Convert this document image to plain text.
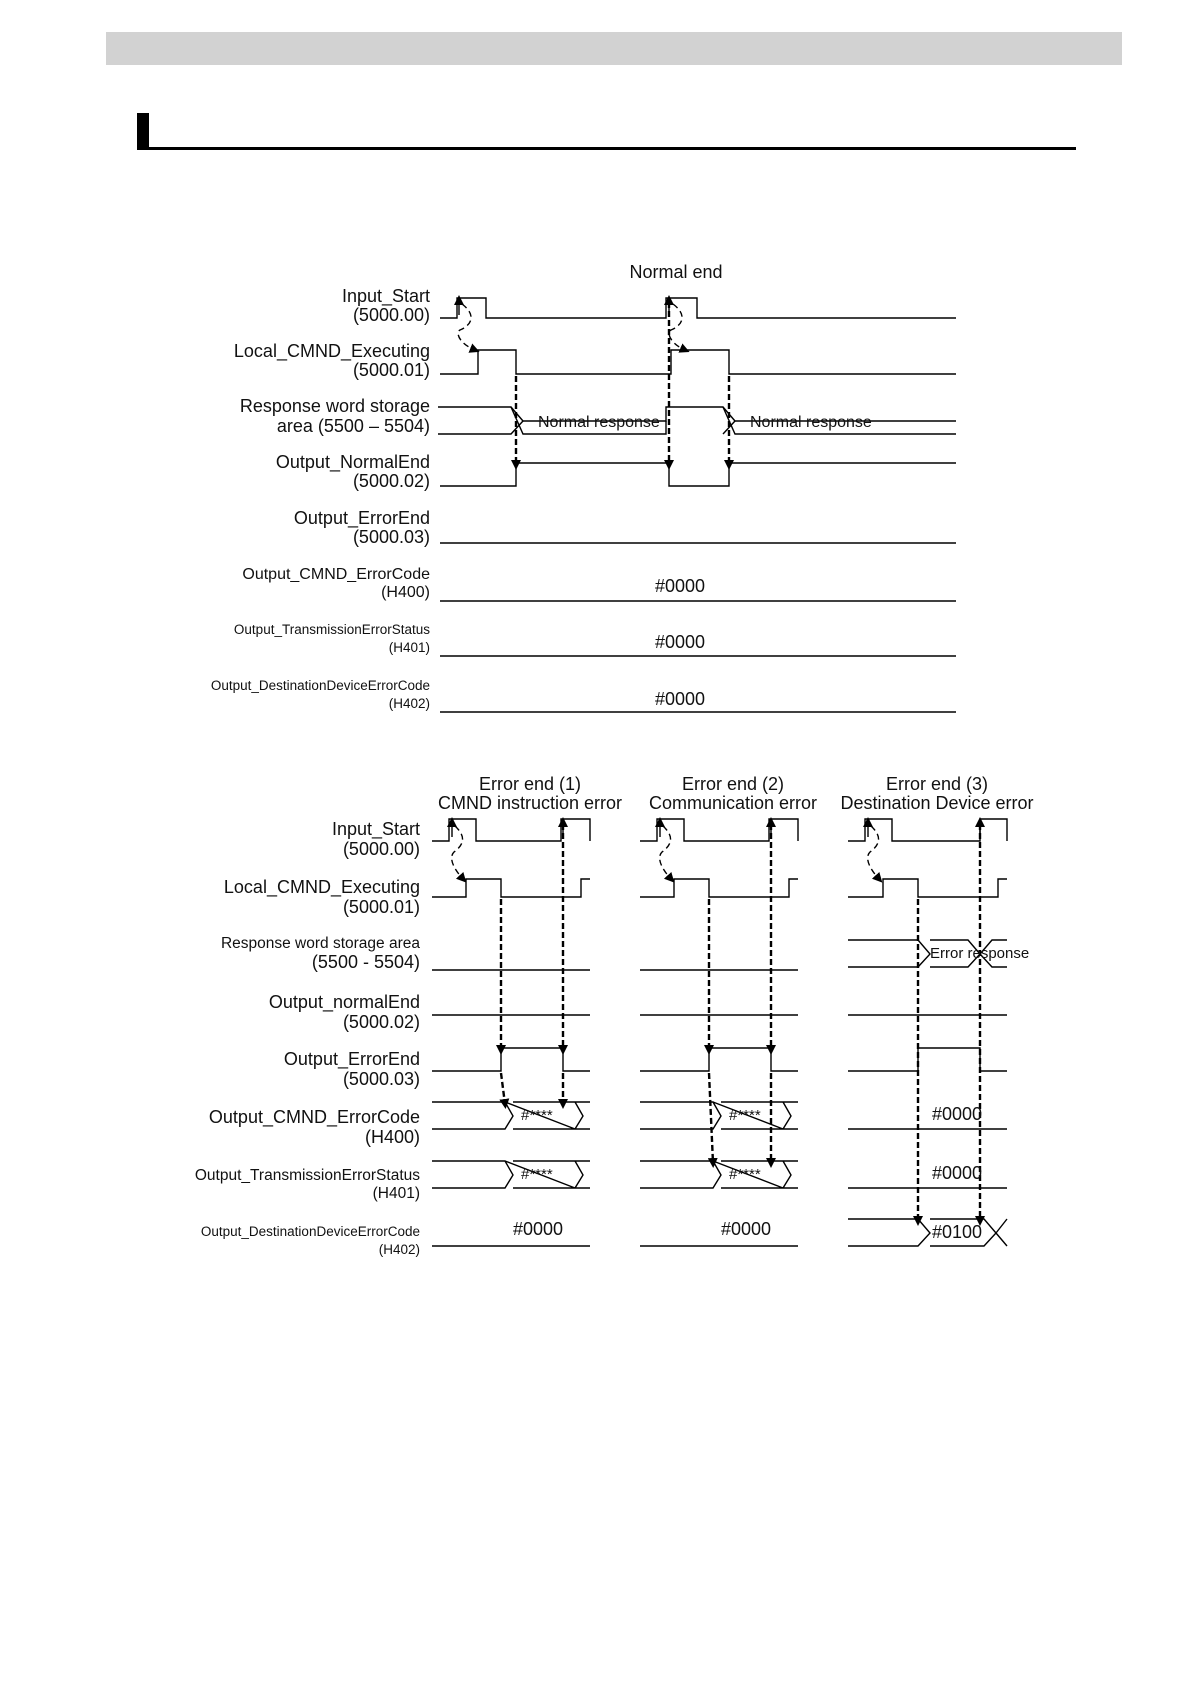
Normal end
Input_Start
(5000.00)
Local_CMND_Executing
(5000.01)
Response word storage
area (5500 – 5504)
Output_NormalEnd
(5000.02)
Output_ErrorEnd
(5000.03)
Output_CMND_ErrorCode
(H400)
Output_TransmissionErrorStatus
(H401)
Output_DestinationDeviceErrorCode
(H402)
Normal response	Normal response
#0000
#0000
#0000
Error end (1)
CMND instruction error
Error end (2)
Communication error
Error end (3)
Destination Device error
Input_Start
(5000.00)
Local_CMND_Executing
(5000.01)
Response word storage area
(5500 - 5504)
Output_normalEnd
(5000.02)
Output_ErrorEnd
(5000.03)
Output_CMND_ErrorCode
(H400)
Output_TransmissionErrorStatus
(H401)
Output_DestinationDeviceErrorCode
(H402)
#****
#****
#****
#****
Error response
#0000	#0000
#0000
#0000
#0100
